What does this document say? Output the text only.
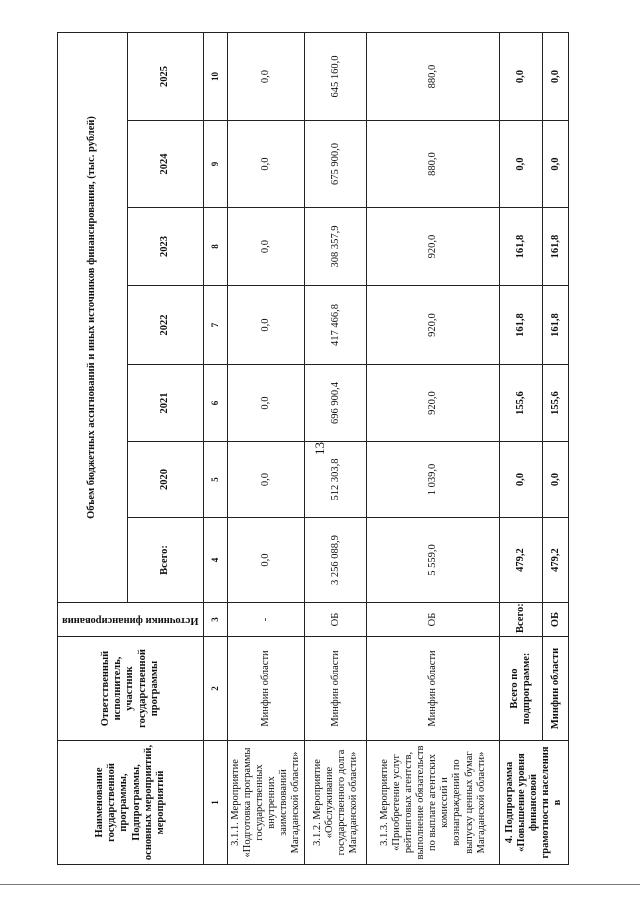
13
Наименование государственной программы, Подпрограммы, основных мероприятий, мероприятий	Ответственный исполнитель, участник государственной программы	Источники финансирования	Объем бюджетных ассигнований и иных источников финансирования, (тыс. рублей)						
			Всего:	2020	2021	2022	2023	2024	2025
1	2	3	4	5	6	7	8	9	10
3.1.1. Мероприятие «Подготовка программы государственных внутренних заимствований Магаданской области»	Минфин области	-	0,0	0,0	0,0	0,0	0,0	0,0	0,0
3.1.2. Мероприятие «Обслуживание государственного долга Магаданской области»	Минфин области	ОБ	3 256 088,9	512 303,8	696 900,4	417 466,8	308 357,9	675 900,0	645 160,0
3.1.3. Мероприятие «Приобретение услуг рейтинговых агентств, выполнение обязательств по выплате агентских комиссий и вознаграждений по выпуску ценных бумаг Магаданской области»	Минфин области	ОБ	5 559,0	1 039,0	920,0	920,0	920,0	880,0	880,0
4. Подпрограмма «Повышение уровня финансовой грамотности населения в	Всего по подпрограмме:	Всего:	479,2	0,0	155,6	161,8	161,8	0,0	0,0
	Минфин области	ОБ	479,2	0,0	155,6	161,8	161,8	0,0	0,0
